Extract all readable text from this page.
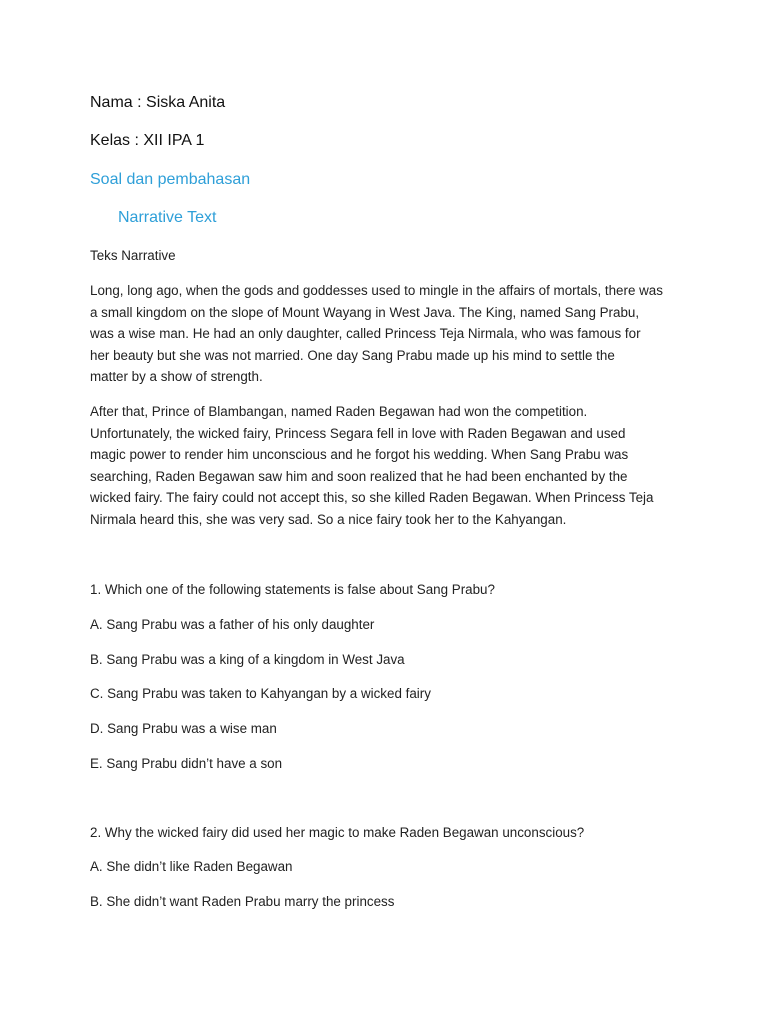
Nama : Siska Anita
Kelas : XII IPA 1
Soal dan pembahasan
Narrative Text
Teks Narrative
Long, long ago, when the gods and goddesses used to mingle in the affairs of mortals, there was
a small kingdom on the slope of Mount Wayang in West Java. The King, named Sang Prabu,
was a wise man. He had an only daughter, called Princess Teja Nirmala, who was famous for
her beauty but she was not married. One day Sang Prabu made up his mind to settle the
matter by a show of strength.
After that, Prince of Blambangan, named Raden Begawan had won the competition.
Unfortunately, the wicked fairy, Princess Segara fell in love with Raden Begawan and used
magic power to render him unconscious and he forgot his wedding. When Sang Prabu was
searching, Raden Begawan saw him and soon realized that he had been enchanted by the
wicked fairy. The fairy could not accept this, so she killed Raden Begawan. When Princess Teja
Nirmala heard this, she was very sad. So a nice fairy took her to the Kahyangan.
1. Which one of the following statements is false about Sang Prabu?
A. Sang Prabu was a father of his only daughter
B. Sang Prabu was a king of a kingdom in West Java
C. Sang Prabu was taken to Kahyangan by a wicked fairy
D. Sang Prabu was a wise man
E. Sang Prabu didn’t have a son
2. Why the wicked fairy did used her magic to make Raden Begawan unconscious?
A. She didn’t like Raden Begawan
B. She didn’t want Raden Prabu marry the princess
